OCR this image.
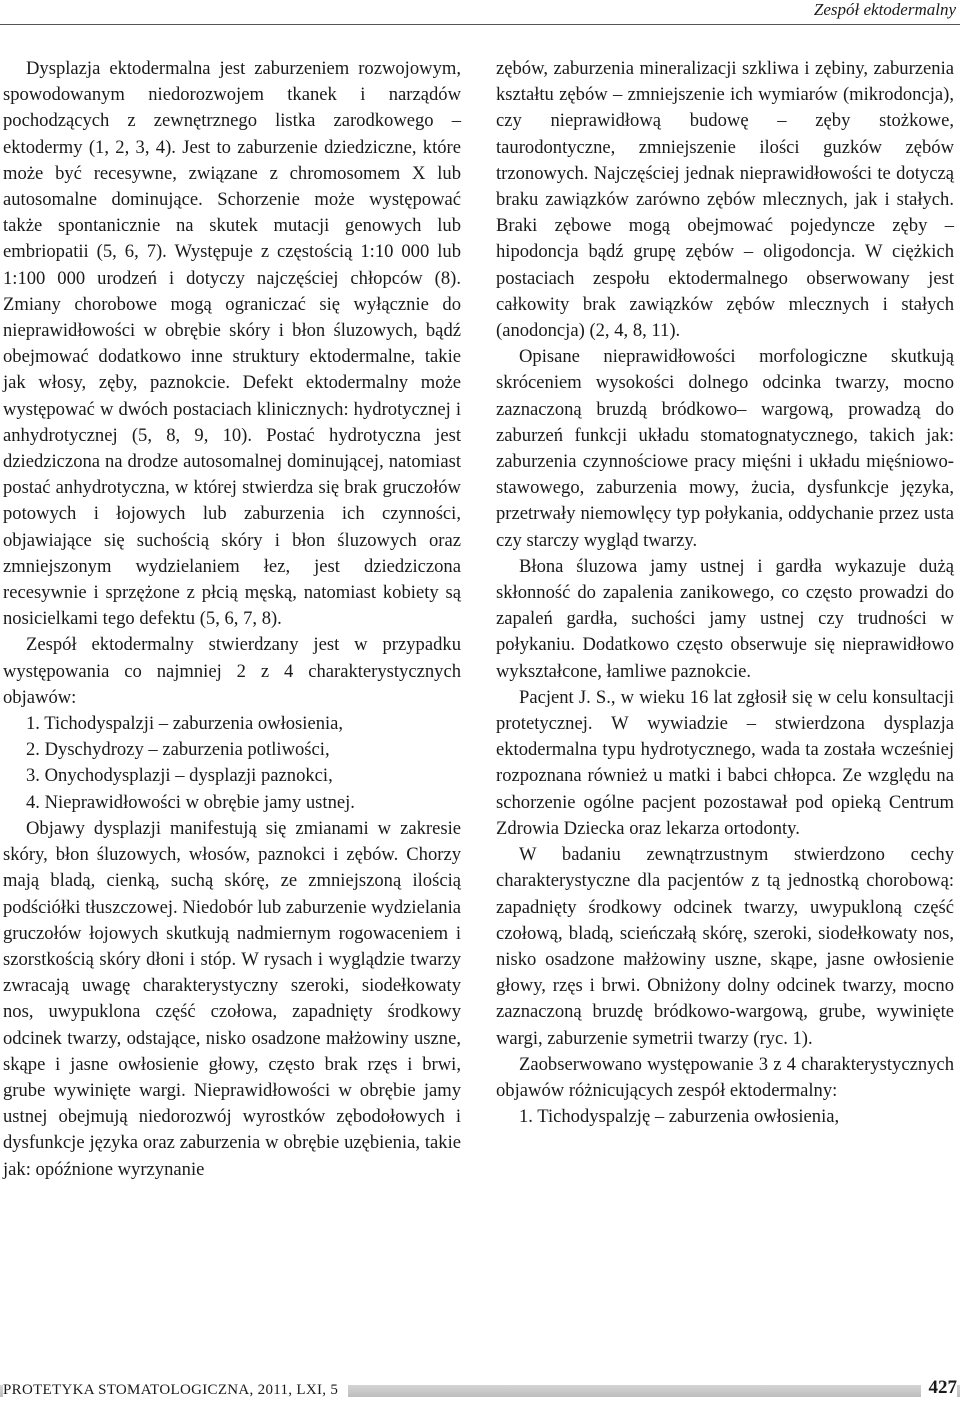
Zespół ektodermalny

Dysplazja ektodermalna jest zaburzeniem rozwojowym, spowodowanym niedorozwojem tkanek i narządów pochodzących z zewnętrznego listka zarodkowego – ektodermy (1, 2, 3, 4). Jest to zaburzenie dziedziczne, które może być recesywne, związane z chromosomem X lub autosomalne dominujące. Schorzenie może występować także spontanicznie na skutek mutacji genowych lub embriopatii (5, 6, 7). Występuje z częstością 1:10 000 lub 1:100 000 urodzeń i dotyczy najczęściej chłopców (8). Zmiany chorobowe mogą ograniczać się wyłącznie do nieprawidłowości w obrębie skóry i błon śluzowych, bądź obejmować dodatkowo inne struktury ektodermalne, takie jak włosy, zęby, paznokcie. Defekt ektodermalny może występować w dwóch postaciach klinicznych: hydrotycznej i anhydrotycznej (5, 8, 9, 10). Postać hydrotyczna jest dziedziczona na drodze autosomalnej dominującej, natomiast postać anhydrotyczna, w której stwierdza się brak gruczołów potowych i łojowych lub zaburzenia ich czynności, objawiające się suchością skóry i błon śluzowych oraz zmniejszonym wydzielaniem łez, jest dziedziczona recesywnie i sprzężone z płcią męską, natomiast kobiety są nosicielkami tego defektu (5, 6, 7, 8).

Zespół ektodermalny stwierdzany jest w przypadku występowania co najmniej 2 z 4 charakterystycznych objawów:

1. Tichodyspalzji – zaburzenia owłosienia,
2. Dyschydrozy – zaburzenia potliwości,
3. Onychodysplazji – dysplazji paznokci,
4. Nieprawidłowości w obrębie jamy ustnej.

Objawy dysplazji manifestują się zmianami w zakresie skóry, błon śluzowych, włosów, paznokci i zębów. Chorzy mają bladą, cienką, suchą skórę, ze zmniejszoną ilością podściółki tłuszczowej. Niedobór lub zaburzenie wydzielania gruczołów łojowych skutkują nadmiernym rogowaceniem i szorstkością skóry dłoni i stóp. W rysach i wyglądzie twarzy zwracają uwagę charakterystyczny szeroki, siodełkowaty nos, uwypuklona część czołowa, zapadnięty środkowy odcinek twarzy, odstające, nisko osadzone małżowiny uszne, skąpe i jasne owłosienie głowy, często brak rzęs i brwi, grube wywinięte wargi. Nieprawidłowości w obrębie jamy ustnej obejmują niedorozwój wyrostków zębodołowych i dysfunkcje języka oraz zaburzenia w obrębie uzębienia, takie jak: opóźnione wyrzynanie

zębów, zaburzenia mineralizacji szkliwa i zębiny, zaburzenia kształtu zębów – zmniejszenie ich wymiarów (mikrodoncja), czy nieprawidłową budowę – zęby stożkowe, taurodontyczne, zmniejszenie ilości guzków zębów trzonowych. Najczęściej jednak nieprawidłowości te dotyczą braku zawiązków zarówno zębów mlecznych, jak i stałych. Braki zębowe mogą obejmować pojedyncze zęby – hipodoncja bądź grupę zębów – oligodoncja. W ciężkich postaciach zespołu ektodermalnego obserwowany jest całkowity brak zawiązków zębów mlecznych i stałych (anodoncja) (2, 4, 8, 11).

Opisane nieprawidłowości morfologiczne skutkują skróceniem wysokości dolnego odcinka twarzy, mocno zaznaczoną bruzdą bródkowo– wargową, prowadzą do zaburzeń funkcji układu stomatognatycznego, takich jak: zaburzenia czynnościowe pracy mięśni i układu mięśniowo-stawowego, zaburzenia mowy, żucia, dysfunkcje języka, przetrwały niemowlęcy typ połykania, oddychanie przez usta czy starczy wygląd twarzy.

Błona śluzowa jamy ustnej i gardła wykazuje dużą skłonność do zapalenia zanikowego, co często prowadzi do zapaleń gardła, suchości jamy ustnej czy trudności w połykaniu. Dodatkowo często obserwuje się nieprawidłowo wykształcone, łamliwe paznokcie.

Pacjent J. S., w wieku 16 lat zgłosił się w celu konsultacji protetycznej. W wywiadzie – stwierdzona dysplazja ektodermalna typu hydrotycznego, wada ta została wcześniej rozpoznana również u matki i babci chłopca. Ze względu na schorzenie ogólne pacjent pozostawał pod opieką Centrum Zdrowia Dziecka oraz lekarza ortodonty.

W badaniu zewnątrzustnym stwierdzono cechy charakterystyczne dla pacjentów z tą jednostką chorobową: zapadnięty środkowy odcinek twarzy, uwypukloną część czołową, bladą, scieńczałą skórę, szeroki, siodełkowaty nos, nisko osadzone małżowiny uszne, skąpe, jasne owłosienie głowy, rzęs i brwi. Obniżony dolny odcinek twarzy, mocno zaznaczoną bruzdę bródkowo-wargową, grube, wywinięte wargi, zaburzenie symetrii twarzy (ryc. 1).

Zaobserwowano występowanie 3 z 4 charakterystycznych objawów różnicujących zespół ektodermalny:

1. Tichodyspalzję – zaburzenia owłosienia,
PROTETYKA STOMATOLOGICZNA, 2011, LXI, 5	427
